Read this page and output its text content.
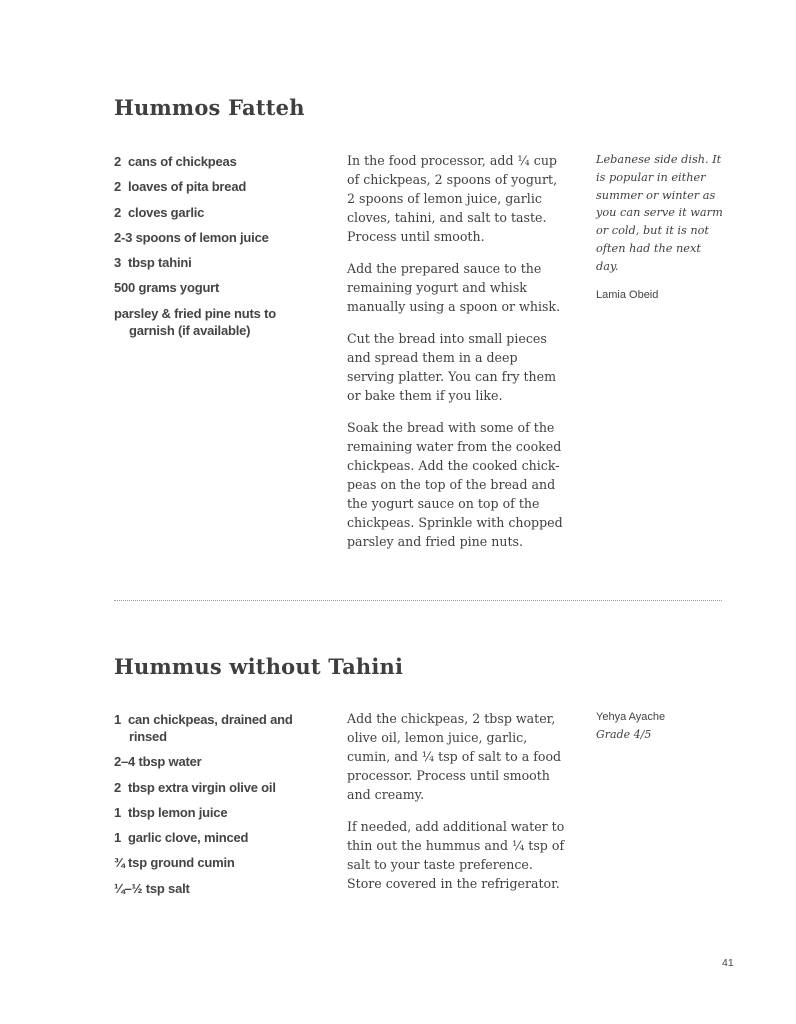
Hummos Fatteh
2 cans of chickpeas
2 loaves of pita bread
2 cloves garlic
2-3 spoons of lemon juice
3 tbsp tahini
500 grams yogurt
parsley & fried pine nuts to garnish (if available)

In the food processor, add ¼ cup of chickpeas, 2 spoons of yogurt, 2 spoons of lemon juice, garlic cloves, tahini, and salt to taste. Process until smooth.

Add the prepared sauce to the remaining yogurt and whisk manually using a spoon or whisk.

Cut the bread into small pieces and spread them in a deep serving platter. You can fry them or bake them if you like.

Soak the bread with some of the remaining water from the cooked chickpeas. Add the cooked chick-peas on the top of the bread and the yogurt sauce on top of the chickpeas. Sprinkle with chopped parsley and fried pine nuts.

Lebanese side dish. It is popular in either summer or winter as you can serve it warm or cold, but it is not often had the next day.

Lamia Obeid
Hummus without Tahini
1 can chickpeas, drained and rinsed
2–4 tbsp water
2 tbsp extra virgin olive oil
1 tbsp lemon juice
1 garlic clove, minced
¾ tsp ground cumin
¼–½ tsp salt

Add the chickpeas, 2 tbsp water, olive oil, lemon juice, garlic, cumin, and ¼ tsp of salt to a food processor. Process until smooth and creamy.

If needed, add additional water to thin out the hummus and ¼ tsp of salt to your taste preference. Store covered in the refrigerator.

Yehya Ayache

Grade 4/5

41
